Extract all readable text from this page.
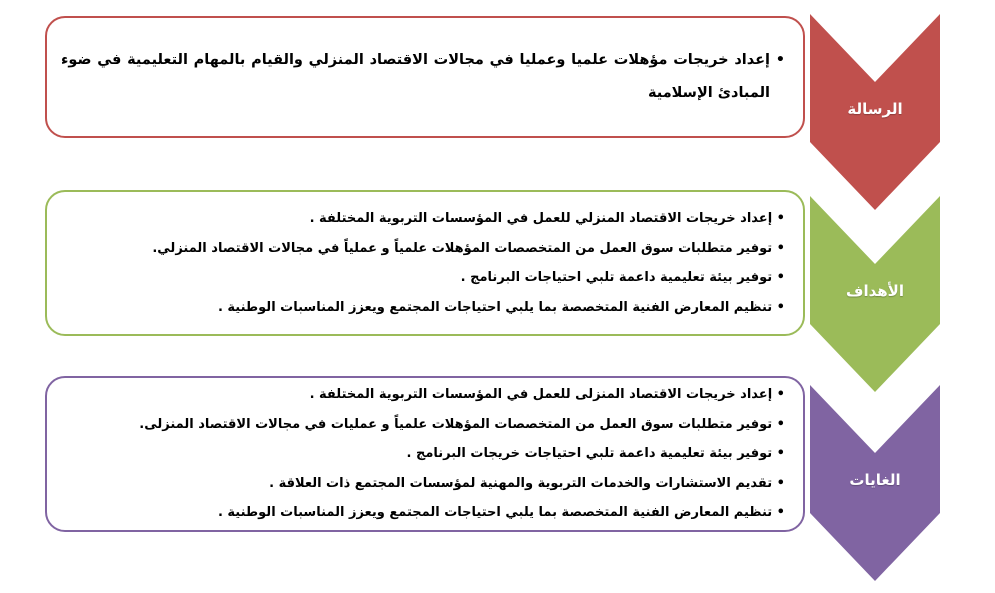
• إعداد خريجات مؤهلات علميا وعمليا في مجالات الاقتصاد المنزلي والقيام بالمهام التعليمية في ضوء المبادئ الإسلامية
الرسالة
• إعداد خريجات الاقتصاد المنزلي للعمل في المؤسسات التربوية المختلفة .
• توفير متطلبات سوق العمل من المتخصصات المؤهلات علمياً و عملياً في مجالات الاقتصاد المنزلي.
• توفير بيئة تعليمية داعمة تلبي احتياجات البرنامج .
• تنظيم المعارض الفنية المتخصصة بما يلبي احتياجات المجتمع ويعزز المناسبات الوطنية .
الأهداف
• إعداد خريجات الاقتصاد المنزلى للعمل في المؤسسات التربوية المختلفة .
• توفير متطلبات سوق العمل من المتخصصات المؤهلات علمياً و عمليات في مجالات الاقتصاد المنزلى.
• توفير بيئة تعليمية داعمة تلبي احتياجات خريجات البرنامج .
• تقديم الاستشارات والخدمات التربوية والمهنية لمؤسسات المجتمع ذات العلاقة .
• تنظيم المعارض الفنية المتخصصة بما يلبي احتياجات المجتمع ويعزز المناسبات الوطنية .
الغايات
